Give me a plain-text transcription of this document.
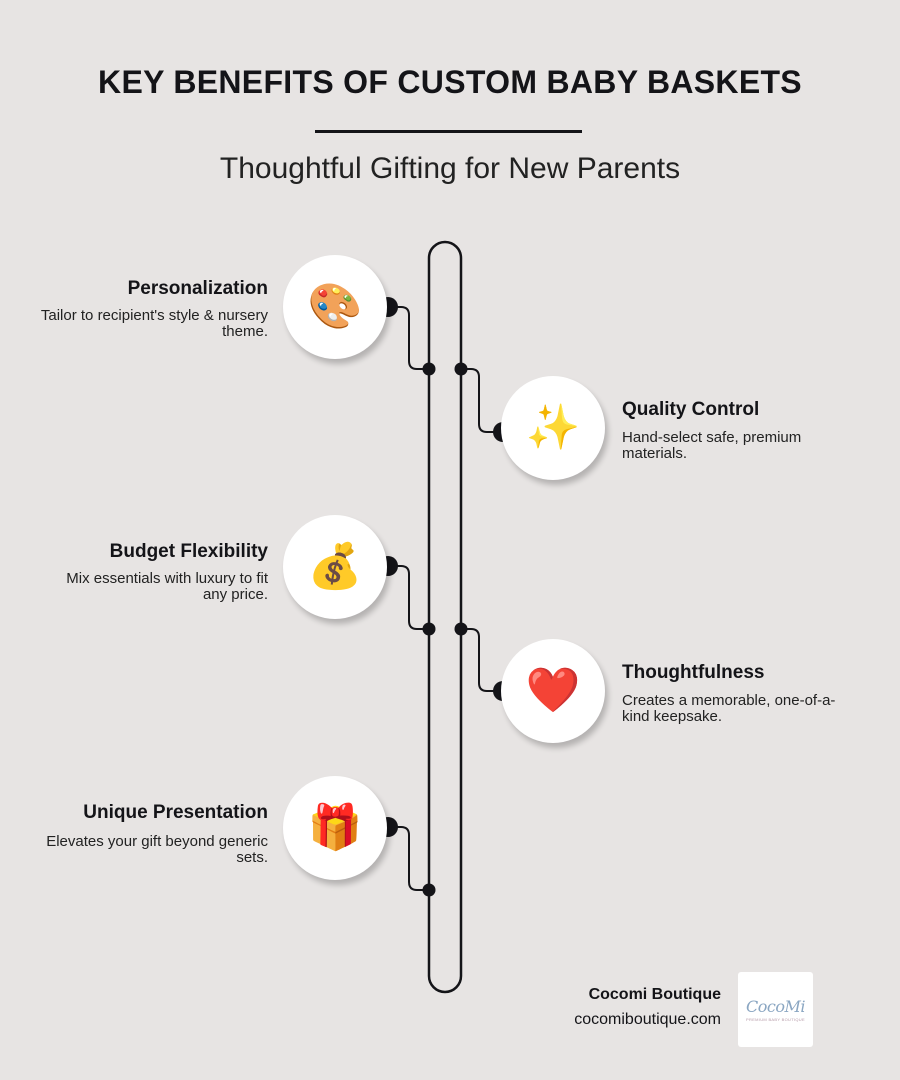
KEY BENEFITS OF CUSTOM BABY BASKETS
Thoughtful Gifting for New Parents
🎨
Personalization
Tailor to recipient's style & nursery theme.
✨ Quality Control
Hand-select safe, premium materials.
💰
Budget Flexibility
Mix essentials with luxury to fit any price.
❤️ Thoughtfulness
Creates a memorable, one-of-a-kind keepsake.
🎁
Unique Presentation
Elevates your gift beyond generic sets.
Cocomi Boutique
cocomiboutique.com
CocoMi
PREMIUM BABY BOUTIQUE
